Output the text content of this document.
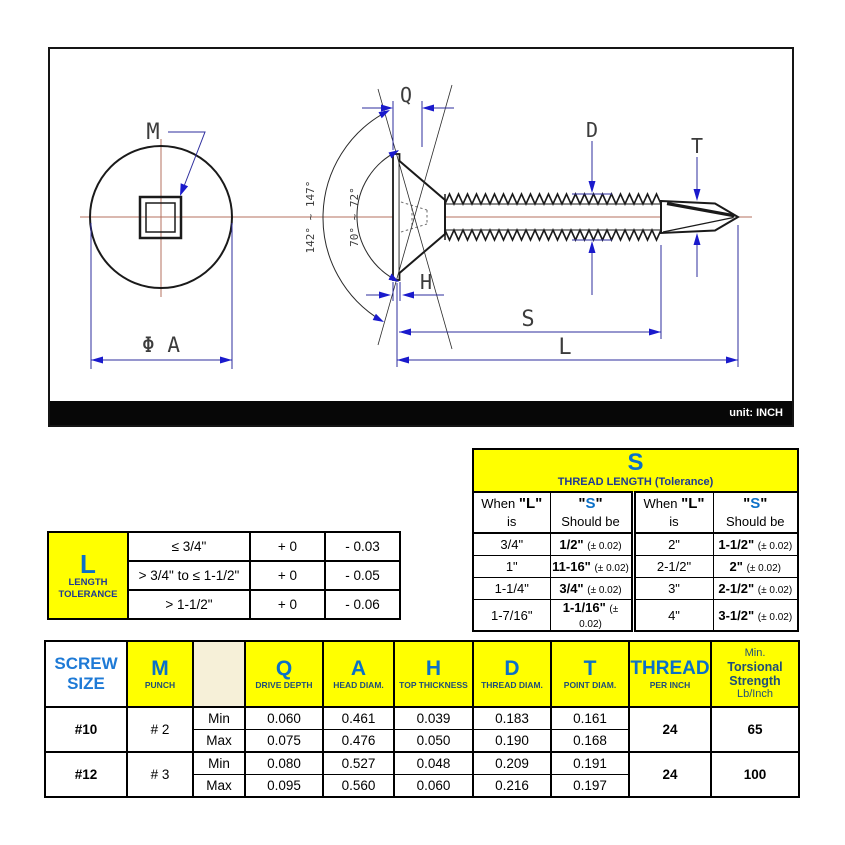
M
Q
D
T
H
S
L
Φ A
142° ~ 147°	70° ~ 72°
unit: INCH
S
THREAD LENGTH (Tolerance)			

When "L"
is

"S"
Should be

When "L"
is

"S"
Should be

3/4"	1/2" (± 0.02)	2"	1-1/2" (± 0.02)
1"	11-16" (± 0.02)	2-1/2"	2" (± 0.02)
1-1/4"	3/4" (± 0.02)	3"	2-1/2" (± 0.02)
1-7/16"	1-1/16" (± 0.02)	4"	3-1/2" (± 0.02)
L
LENGTH
TOLERANCE	≤ 3/4"	+ 0	- 0.03
	> 3/4" to ≤ 1-1/2"	+ 0	- 0.05
	> 1-1/2"	+ 0	- 0.06
SCREW
SIZE

M
PUNCH

Q
DRIVE DEPTH

A
HEAD DIAM.

H
TOP THICKNESS

D
THREAD DIAM.

T
POINT DIAM.

THREAD
PER INCH

Min.
Torsional
Strength
Lb/Inch

#10	# 2	Min	0.060	0.461	0.039	0.183	0.161	24	65
		Max	0.075	0.476	0.050	0.190	0.168		
#12	# 3	Min	0.080	0.527	0.048	0.209	0.191	24	100
		Max	0.095	0.560	0.060	0.216	0.197		
